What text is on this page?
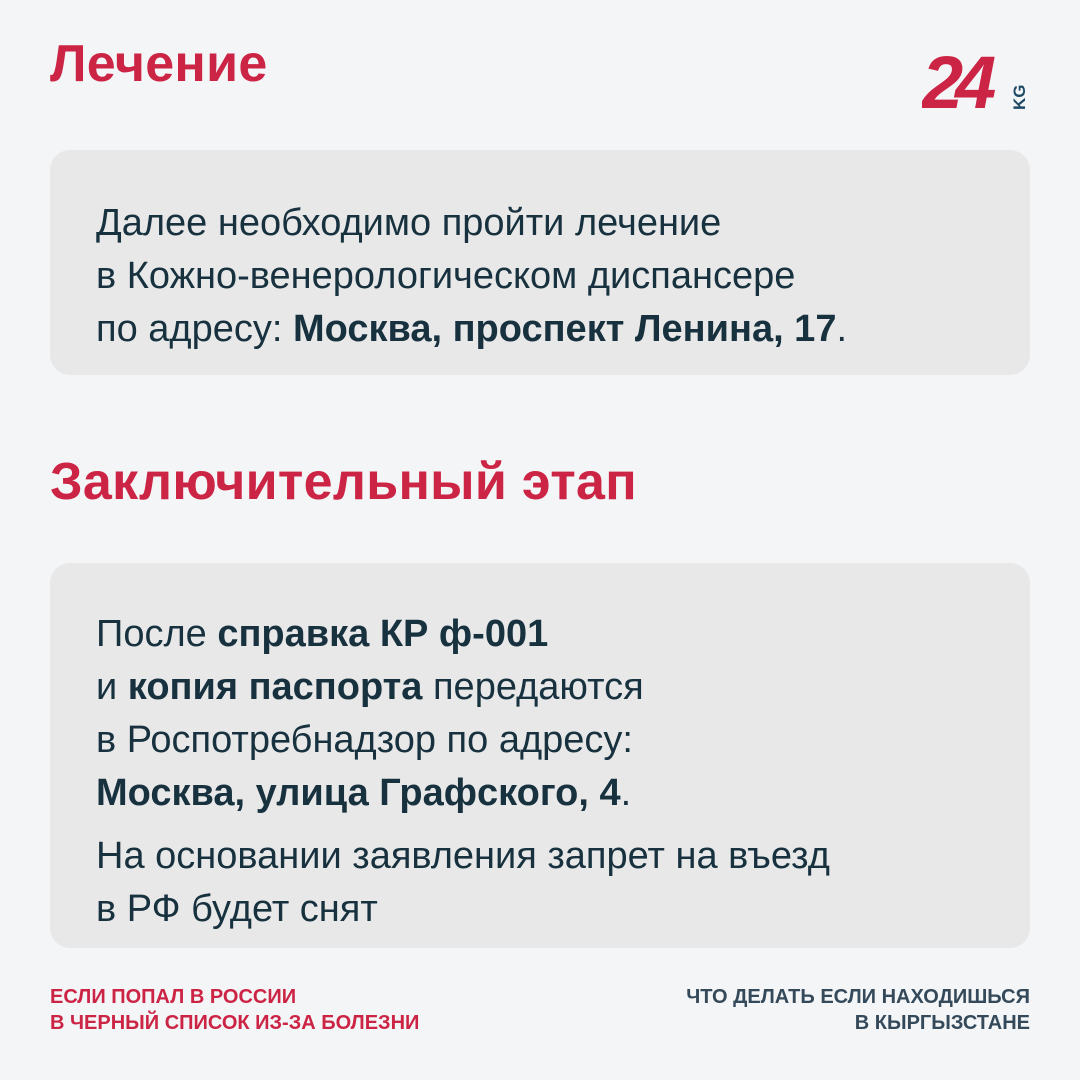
Лечение	24	KG

Далее необходимо пройти лечение
в Кожно-венерологическом диспансере
по адресу: Москва, проспект Ленина, 17.

Заключительный этап

После справка КР ф-001
и копия паспорта передаются
в Роспотребнадзор по адресу:
Москва, улица Графского, 4.

На основании заявления запрет на въезд
в РФ будет снят

ЕСЛИ ПОПАЛ В РОССИИ
В ЧЕРНЫЙ СПИСОК ИЗ-ЗА БОЛЕЗНИ

ЧТО ДЕЛАТЬ ЕСЛИ НАХОДИШЬСЯ
В КЫРГЫЗСТАНЕ
